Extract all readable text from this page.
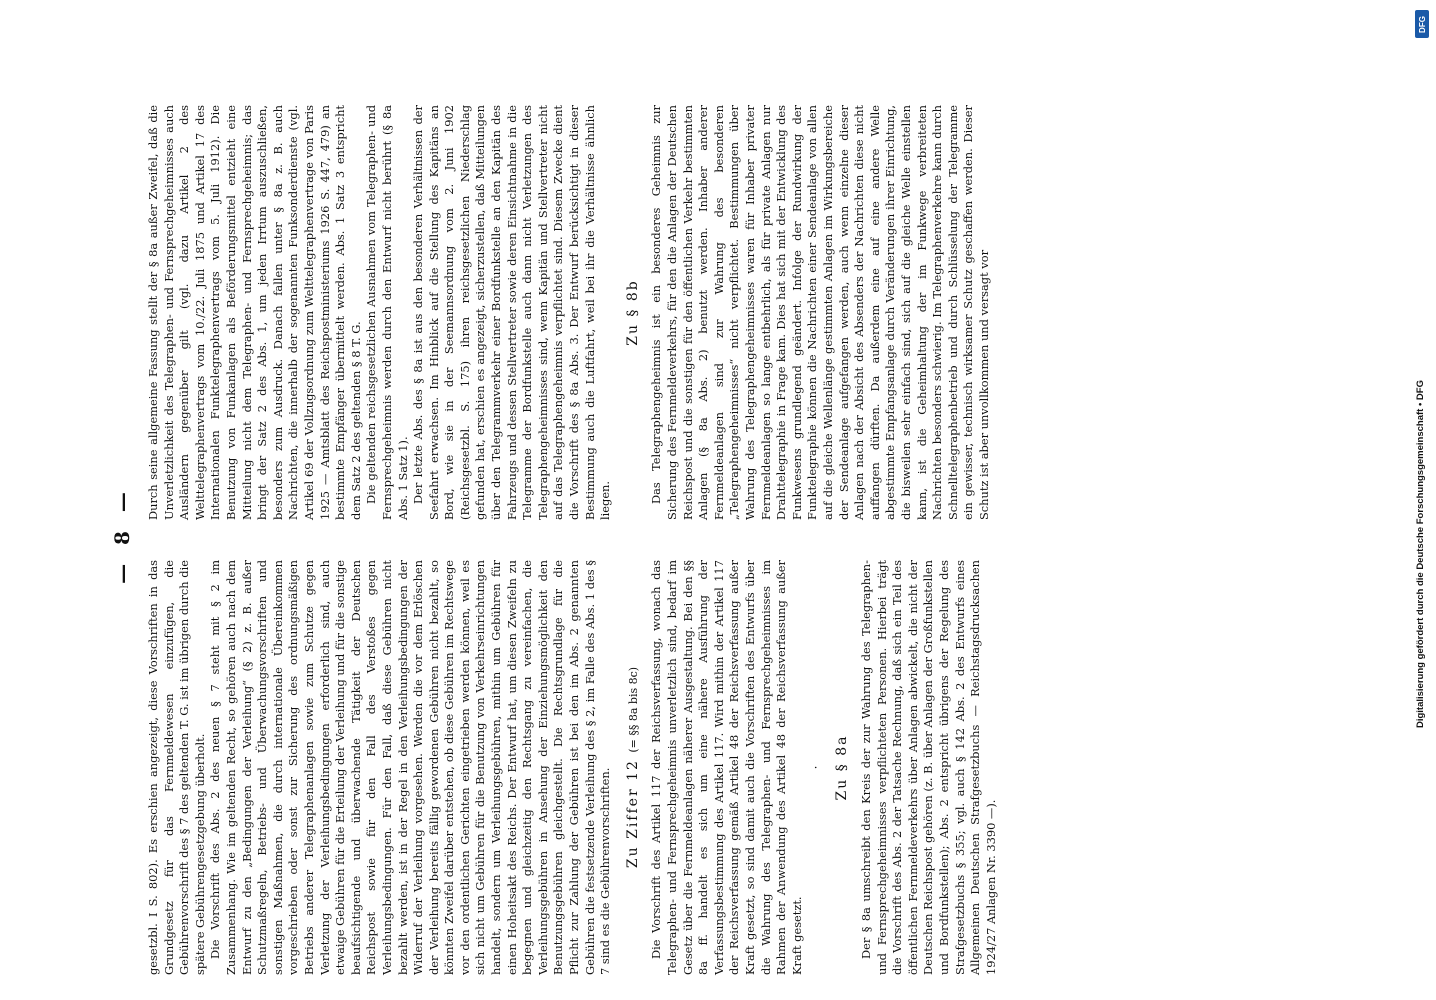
— 8 —

gesetzbl. I S. 802). Es erschien angezeigt, diese Vorschriften in das Grundgesetz für das Fernmeldewesen einzufügen, die Gebührenvorschrift des § 7 des geltenden T. G. ist im übrigen durch die spätere Gebührengesetzgebung überholt. Die Vorschrift des Abs. 2 des neuen § 7 steht mit § 2 im Zusammenhang. Wie im geltenden Recht, so gehören auch nach dem Entwurf zu den „Bedingungen der Verleihung“ (§ 2) z. B. außer Schutzmaßregeln, Betriebs- und Überwachungsvorschriften und sonstigen Maßnahmen, die durch internationale Übereinkommen vorgeschrieben oder sonst zur Sicherung des ordnungsmäßigen Betriebs anderer Telegraphenanlagen sowie zum Schutze gegen Verletzung der Verleihungsbedingungen erforderlich sind, auch etwaige Gebühren für die Erteilung der Verleihung und für die sonstige beaufsichtigende und überwachende Tätigkeit der Deutschen Reichspost sowie für den Fall des Verstoßes gegen Verleihungsbedingungen. Für den Fall, daß diese Gebühren nicht bezahlt werden, ist in der Regel in den Verleihungsbedingungen der Widerruf der Verleihung vorgesehen. Werden die vor dem Erlöschen der Verleihung bereits fällig gewordenen Gebühren nicht bezahlt, so könnten Zweifel darüber entstehen, ob diese Gebühren im Rechtswege vor den ordentlichen Gerichten eingetrieben werden können, weil es sich nicht um Gebühren für die Benutzung von Verkehrseinrichtungen handelt, sondern um Verleihungsgebühren, mithin um Gebühren für einen Hoheitsakt des Reichs. Der Entwurf hat, um diesen Zweifeln zu begegnen und gleichzeitig den Rechtsgang zu vereinfachen, die Verleihungsgebühren in Ansehung der Einziehungsmöglichkeit den Benutzungsgebühren gleichgestellt. Die Rechtsgrundlage für die Pflicht zur Zahlung der Gebühren ist bei den im Abs. 2 genannten Gebühren die festsetzende Verleihung des § 2, im Falle des Abs. 1 des § 7 sind es die Gebührenvorschriften. Zu Ziffer 12 (= §§ 8a bis 8c) Die Vorschrift des Artikel 117 der Reichsverfassung, wonach das Telegraphen- und Fernsprechgeheimnis unverletzlich sind, bedarf im Gesetz über die Fernmeldeanlagen näherer Ausgestaltung. Bei den §§ 8a ff. handelt es sich um eine nähere Ausführung der Verfassungsbestimmung des Artikel 117. Wird mithin der Artikel 117 der Reichsverfassung gemäß Artikel 48 der Reichsverfassung außer Kraft gesetzt, so sind damit auch die Vorschriften des Entwurfs über die Wahrung des Telegraphen- und Fernsprechgeheimnisses im Rahmen der Anwendung des Artikel 48 der Reichsverfassung außer Kraft gesetzt.

· Zu § 8a Der § 8a umschreibt den Kreis der zur Wahrung des Telegraphen- und Fernsprechgeheimnisses verpflichteten Personen. Hierbei trägt die Vorschrift des Abs. 2 der Tatsache Rechnung, daß sich ein Teil des öffentlichen Fernmeldeverkehrs über Anlagen abwickelt, die nicht der Deutschen Reichspost gehören (z. B. über Anlagen der Großfunkstellen und Bordfunkstellen); Abs. 2 entspricht übrigens der Regelung des Strafgesetzbuchs § 355; vgl. auch § 142 Abs. 2 des Entwurfs eines Allgemeinen Deutschen Strafgesetzbuchs — Reichstagsdrucksachen 1924/27 Anlagen Nr. 3390 —).

Durch seine allgemeine Fassung stellt der § 8a außer Zweifel, daß die Unverletzlichkeit des Telegraphen- und Fernsprechgeheimnisses auch Ausländern gegenüber gilt (vgl. dazu Artikel 2 des Welttelegraphenvertrags vom 10./22. Juli 1875 und Artikel 17 des Internationalen Funktelegraphenvertrags vom 5. Juli 1912). Die Benutzung von Funkanlagen als Beförderungsmittel entzieht eine Mitteilung nicht dem Telegraphen- und Fernsprechgeheimnis; das bringt der Satz 2 des Abs. 1, um jeden Irrtum auszuschließen, besonders zum Ausdruck. Danach fallen unter § 8a z. B. auch Nachrichten, die innerhalb der sogenannten Funksonderdienste (vgl. Artikel 69 der Vollzugsordnung zum Welttelegraphenvertrage von Paris 1925 — Amtsblatt des Reichspostministeriums 1926 S. 447, 479) an bestimmte Empfänger übermittelt werden. Abs. 1 Satz 3 entspricht dem Satz 2 des geltenden § 8 T. G. Die geltenden reichsgesetzlichen Ausnahmen vom Telegraphen- und Fernsprechgeheimnis werden durch den Entwurf nicht berührt (§ 8a Abs. 1 Satz 1). Der letzte Abs. des § 8a ist aus den besonderen Verhältnissen der Seefahrt erwachsen. Im Hinblick auf die Stellung des Kapitäns an Bord, wie sie in der Seemannsordnung vom 2. Juni 1902 (Reichsgesetzbl. S. 175) ihren reichsgesetzlichen Niederschlag gefunden hat, erschien es angezeigt, sicherzustellen, daß Mitteilungen über den Telegrammverkehr einer Bordfunkstelle an den Kapitän des Fahrzeugs und dessen Stellvertreter sowie deren Einsichtnahme in die Telegramme der Bordfunkstelle auch dann nicht Verletzungen des Telegraphengeheimnisses sind, wenn Kapitän und Stellvertreter nicht auf das Telegraphengeheimnis verpflichtet sind. Diesem Zwecke dient die Vorschrift des § 8a Abs. 3. Der Entwurf berücksichtigt in dieser Bestimmung auch die Luftfahrt, weil bei ihr die Verhältnisse ähnlich liegen.

Zu § 8b Das Telegraphengeheimnis ist ein besonderes Geheimnis zur Sicherung des Fernmeldeverkehrs, für den die Anlagen der Deutschen Reichspost und die sonstigen für den öffentlichen Verkehr bestimmten Anlagen (§ 8a Abs. 2) benutzt werden. Inhaber anderer Fernmeldeanlagen sind zur Wahrung des besonderen „Telegraphengeheimnisses“ nicht verpflichtet. Bestimmungen über Wahrung des Telegraphengeheimnisses waren für Inhaber privater Fernmeldeanlagen so lange entbehrlich, als für private Anlagen nur Drahttelegraphie in Frage kam. Dies hat sich mit der Entwicklung des Funkwesens grundlegend geändert. Infolge der Rundwirkung der Funktelegraphie können die Nachrichten einer Sendeanlage von allen auf die gleiche Wellenlänge gestimmten Anlagen im Wirkungsbereiche der Sendeanlage aufgefangen werden, auch wenn einzelne dieser Anlagen nach der Absicht des Absenders der Nachrichten diese nicht auffangen dürften. Da außerdem eine auf eine andere Welle abgestimmte Empfangsanlage durch Veränderungen ihrer Einrichtung, die bisweilen sehr einfach sind, sich auf die gleiche Welle einstellen kann, ist die Geheimhaltung der im Funkwege verbreiteten Nachrichten besonders schwierig. Im Telegraphenverkehre kann durch Schnelltelegraphenbetrieb und durch Schlüsselung der Telegramme ein gewisser, technisch wirksamer Schutz geschaffen werden. Dieser Schutz ist aber unvollkommen und versagt vor

DFG
Digitalisierung gefördert durch die Deutsche Forschungsgemeinschaft • DFG
